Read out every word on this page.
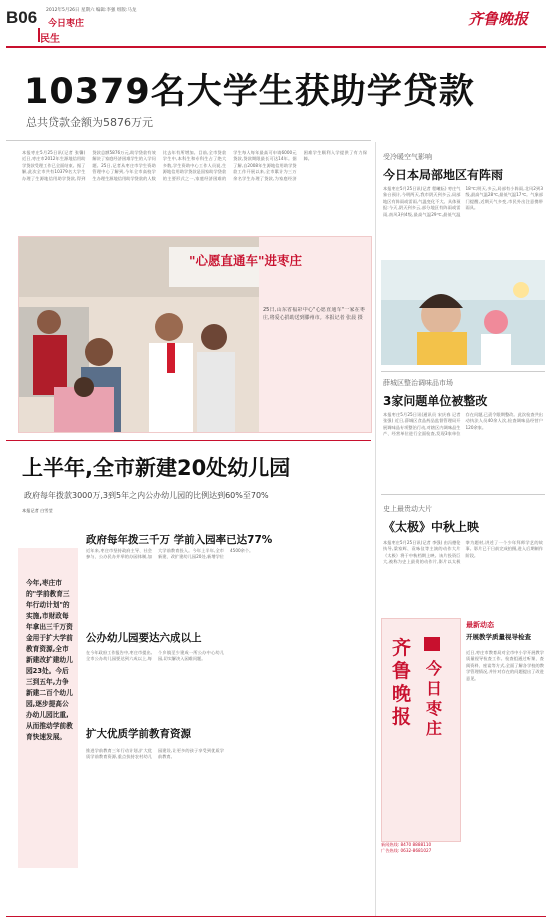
B06 2012年5月26日 星期六 编辑:李强 组版:马龙
今日枣庄
民生
齐鲁晚报
10379名大学生获助学贷款
总共贷款金额为5876万元
本报枣庄5月25日讯(记者 张馨) 近日,枣庄市2012年生源地信用助学贷款受理工作已全面结束。据了解,此次全市共有10379名大学生办理了生源地信用助学贷款,得到贷款总额5876万元,助学贷款有效解决了家庭经济困难学生的入学问题。25日,记者从枣庄市学生资助管理中心了解到,今年全市高校学生办理生源地信用助学贷款的人数比去年有所增加。目前,全市贷款学生中,本科生和专科生占了绝大多数,学生资助中心工作人员说,生源地信用助学贷款是国家助学贷款的主要形式之一,家庭经济困难的学生每人每年最高可申请6000元贷款,贷款期限最长可达14年。据了解,自2008年生源地信用助学贷款工作开展以来,全市累计为三万余名学生办理了贷款,为家庭经济困难学生顺利入学提供了有力保障。
"心愿直通车"进枣庄
25日,山东省福彩中心"心愿直通车"一家在枣庄,将爱心捐助送到滕州市。本报记者 张晨 摄
上半年,全市新建20处幼儿园
政府每年拨款3000万,3到5年之内公办幼儿园的比例达到60%至70%
本报记者 白雪莹
政府每年拨三千万 学前入园率已达77%
今年,枣庄市的"学前教育三年行动计划"的实施,市财政每年拿出三千万资金用于扩大学前教育资源,全市新建改扩建幼儿园23处。今后三到五年,力争新建二百个幼儿园,逐步提高公办幼儿园比重,从而推动学前教育快速发展。
近年来,枣庄市坚持政府主导、社会参与、公办民办并举的办园体制,加大学前教育投入。今年上半年,全市新建、改扩建幼儿园20处,新增学位4500余个。
公办幼儿园要达六成以上
在今年政府工作报告中,枣庄市提出,全市公办幼儿园要达到六成以上,每个乡镇至少建成一所公办中心幼儿园,切实解决入园难问题。
扩大优质学前教育资源
推进学前教育三年行动计划,扩大优质学前教育资源,重点扶持农村幼儿园建设,让更多的孩子享受到优质学前教育。
受冷暖空气影响
今日本局部地区有阵雨
本报枣庄5月25日讯(记者 程曦耘) 枣庄气象台预计,今明两天,我市阴天到多云,局部地区有阵雨或雷雨,气温变化不大。具体预报:今天,阴天到多云,部分地区有阵雨或雷雨,南风3到4级,最高气温29℃,最低气温18℃;明天,多云,局部有小阵雨,北风2到3级,最高气温28℃,最低气温17℃。气象部门提醒,近期天气多变,市民外出注意携带雨具。
薛城区整治调味品市场
3家问题单位被整改
本报枣庄5月25日讯(通讯员 宋庆春 记者 张强) 近日,薛城区食品药品监督管理局开展调味品专项整治行动,对辖区内调味品生产、经营单位进行全面检查,发现3家单位存在问题,已责令限期整改。此次检查共出动执法人员40余人次,检查调味品经营户120余家。
史上最贵动大片
《太极》中秋上映
本报枣庄5月25日讯(记者 李强) 由冯德伦执导,梁家辉、袁咏仪等主演的动作大片《太极》将于中秋档期上映。该片投资巨大,被称为史上最贵的动作片,影片以太极拳为题材,讲述了一个少年拜师学艺的故事。影片已于日前完成拍摄,进入后期制作阶段。
齐鲁晚报
今日枣庄
新闻热线: 8470 8888110
广告热线: 0632-8681027
最新动态
开展教学质量视导检查
近日,枣庄市教育局对全市中小学开展教学质量视导检查工作。检查组通过听课、查阅资料、座谈等方式,全面了解各学校的教学管理情况,并针对存在的问题提出了改进意见。
